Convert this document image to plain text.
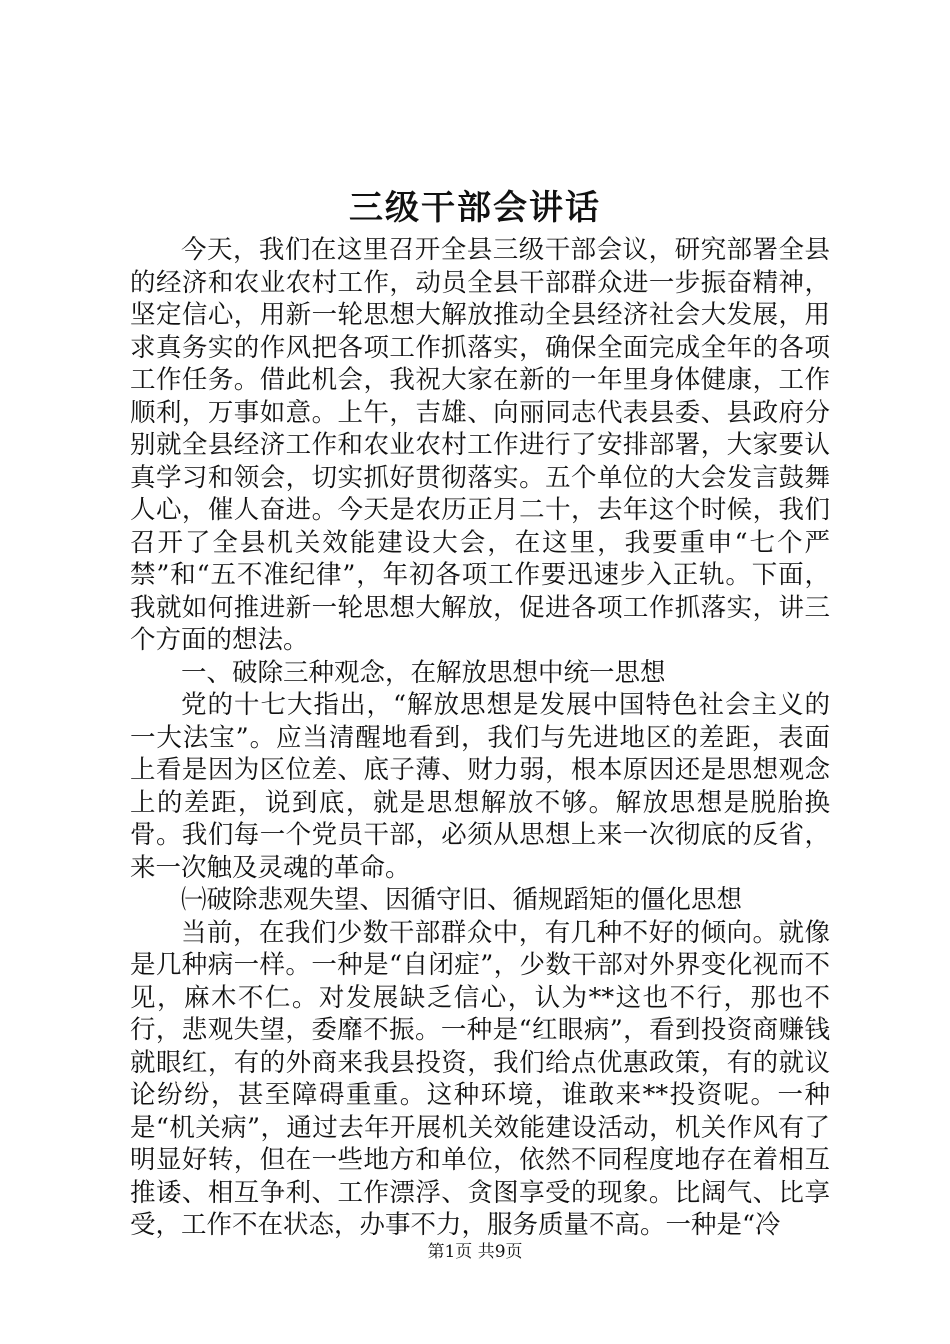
三级干部会讲话

今天，我们在这里召开全县三级干部会议，研究部署全县的经济和农业农村工作，动员全县干部群众进一步振奋精神，坚定信心，用新一轮思想大解放推动全县经济社会大发展，用求真务实的作风把各项工作抓落实，确保全面完成全年的各项工作任务。借此机会，我祝大家在新的一年里身体健康，工作顺利，万事如意。上午，吉雄、向丽同志代表县委、县政府分别就全县经济工作和农业农村工作进行了安排部署，大家要认真学习和领会，切实抓好贯彻落实。五个单位的大会发言鼓舞人心，催人奋进。今天是农历正月二十，去年这个时候，我们召开了全县机关效能建设大会，在这里，我要重申“七个严禁”和“五不准纪律”，年初各项工作要迅速步入正轨。下面，我就如何推进新一轮思想大解放，促进各项工作抓落实，讲三个方面的想法。

一、破除三种观念，在解放思想中统一思想

党的十七大指出，“解放思想是发展中国特色社会主义的一大法宝”。应当清醒地看到，我们与先进地区的差距，表面上看是因为区位差、底子薄、财力弱，根本原因还是思想观念上的差距，说到底，就是思想解放不够。解放思想是脱胎换骨。我们每一个党员干部，必须从思想上来一次彻底的反省，来一次触及灵魂的革命。

㈠破除悲观失望、因循守旧、循规蹈矩的僵化思想

当前，在我们少数干部群众中，有几种不好的倾向。就像是几种病一样。一种是“自闭症”，少数干部对外界变化视而不见，麻木不仁。对发展缺乏信心，认为**这也不行，那也不行，悲观失望，委靡不振。一种是“红眼病”，看到投资商赚钱就眼红，有的外商来我县投资，我们给点优惠政策，有的就议论纷纷，甚至障碍重重。这种环境，谁敢来**投资呢。一种是“机关病”，通过去年开展机关效能建设活动，机关作风有了明显好转，但在一些地方和单位，依然不同程度地存在着相互推诿、相互争利、工作漂浮、贪图享受的现象。比阔气、比享受，工作不在状态，办事不力，服务质量不高。一种是“冷

第1页 共9页
